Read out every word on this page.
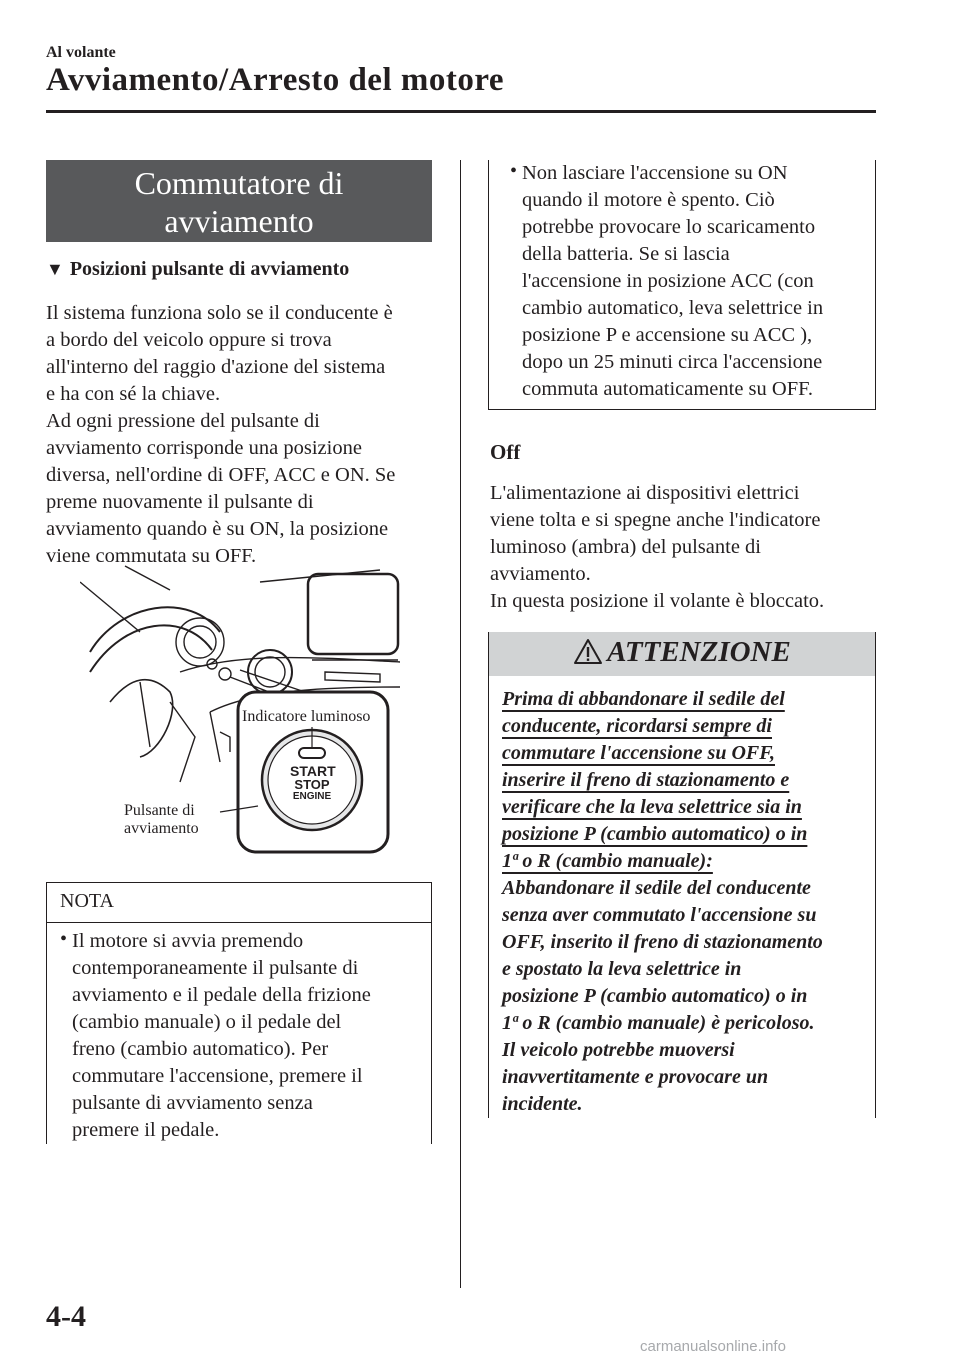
Al volante
Avviamento/Arresto del motore
Commutatore di
avviamento
▼ Posizioni pulsante di avviamento

Il sistema funziona solo se il conducente è

a bordo del veicolo oppure si trova

all'interno del raggio d'azione del sistema

e ha con sé la chiave.

Ad ogni pressione del pulsante di

avviamento corrisponde una posizione

diversa, nell'ordine di OFF, ACC e ON. Se

preme nuovamente il pulsante di

avviamento quando è su ON, la posizione

viene commutata su OFF.

Indicatore luminoso
Pulsante di
avviamento
START
STOP
ENGINE
NOTA
• Il motore si avvia premendo

contemporaneamente il pulsante di

avviamento e il pedale della frizione

(cambio manuale) o il pedale del

freno (cambio automatico). Per

commutare l'accensione, premere il

pulsante di avviamento senza

premere il pedale.

• Non lasciare l'accensione su ON

quando il motore è spento. Ciò

potrebbe provocare lo scaricamento

della batteria. Se si lascia

l'accensione in posizione ACC (con

cambio automatico, leva selettrice in

posizione P e accensione su ACC ),

dopo un 25 minuti circa l'accensione

commuta automaticamente su OFF.

Off

L'alimentazione ai dispositivi elettrici

viene tolta e si spegne anche l'indicatore

luminoso (ambra) del pulsante di

avviamento.

In questa posizione il volante è bloccato.

ATTENZIONE
Prima di abbandonare il sedile del
conducente, ricordarsi sempre di
commutare l'accensione su OFF,
inserire il freno di stazionamento e
verificare che la leva selettrice sia in
posizione P (cambio automatico) o in
1ª o R (cambio manuale):
Abbandonare il sedile del conducente
senza aver commutato l'accensione su
OFF, inserito il freno di stazionamento
e spostato la leva selettrice in
posizione P (cambio automatico) o in
1ª o R (cambio manuale) è pericoloso.
Il veicolo potrebbe muoversi
inavvertitamente e provocare un
incidente.
4-4
carmanualsonline.info
